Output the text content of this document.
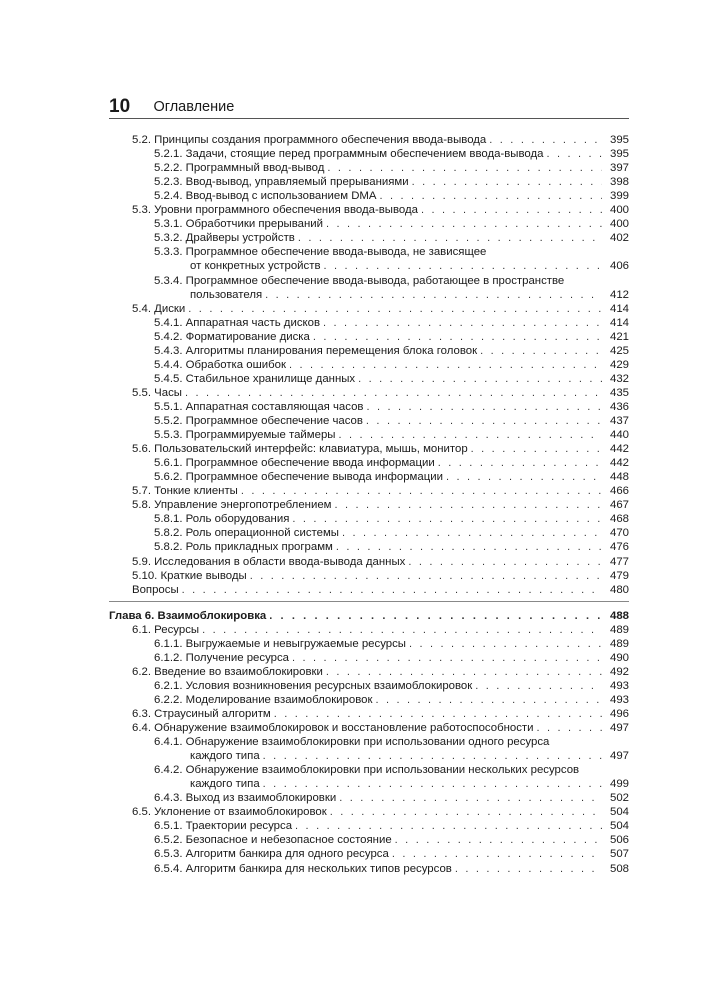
10 Оглавление
5.2. Принципы создания программного обеспечения ввода-вывода . . .	395
5.2.1. Задачи, стоящие перед программным обеспечением ввода-вывода . . .	395
5.2.2. Программный ввод-вывод . . .	397
5.2.3. Ввод-вывод, управляемый прерываниями . . .	398
5.2.4. Ввод-вывод с использованием DMA . . .	399
5.3. Уровни программного обеспечения ввода-вывода . . .	400
5.3.1. Обработчики прерываний . . .	400
5.3.2. Драйверы устройств . . .	402
5.3.3. Программное обеспечение ввода-вывода, не зависящее
от конкретных устройств . . .	406
5.3.4. Программное обеспечение ввода-вывода, работающее в пространстве
пользователя . . .	412
5.4. Диски . . .	414
5.4.1. Аппаратная часть дисков . . .	414
5.4.2. Форматирование диска . . .	421
5.4.3. Алгоритмы планирования перемещения блока головок . . .	425
5.4.4. Обработка ошибок . . .	429
5.4.5. Стабильное хранилище данных . . .	432
5.5. Часы . . .	435
5.5.1. Аппаратная составляющая часов . . .	436
5.5.2. Программное обеспечение часов . . .	437
5.5.3. Программируемые таймеры . . .	440
5.6. Пользовательский интерфейс: клавиатура, мышь, монитор . . .	442
5.6.1. Программное обеспечение ввода информации . . .	442
5.6.2. Программное обеспечение вывода информации . . .	448
5.7. Тонкие клиенты . . .	466
5.8. Управление энергопотреблением . . .	467
5.8.1. Роль оборудования . . .	468
5.8.2. Роль операционной системы . . .	470
5.8.2. Роль прикладных программ . . .	476
5.9. Исследования в области ввода-вывода данных . . .	477
5.10. Краткие выводы . . .	479
Вопросы . . .	480
Глава 6. Взаимоблокировка . . .	488
6.1. Ресурсы . . .	489
6.1.1. Выгружаемые и невыгружаемые ресурсы . . .	489
6.1.2. Получение ресурса . . .	490
6.2. Введение во взаимоблокировки . . .	492
6.2.1. Условия возникновения ресурсных взаимоблокировок . . .	493
6.2.2. Моделирование взаимоблокировок . . .	493
6.3. Страусиный алгоритм . . .	496
6.4. Обнаружение взаимоблокировок и восстановление работоспособности . . .	497
6.4.1. Обнаружение взаимоблокировки при использовании одного ресурса
каждого типа . . .	497
6.4.2. Обнаружение взаимоблокировки при использовании нескольких ресурсов
каждого типа . . .	499
6.4.3. Выход из взаимоблокировки . . .	502
6.5. Уклонение от взаимоблокировок . . .	504
6.5.1. Траектории ресурса . . .	504
6.5.2. Безопасное и небезопасное состояние . . .	506
6.5.3. Алгоритм банкира для одного ресурса . . .	507
6.5.4. Алгоритм банкира для нескольких типов ресурсов . . .	508
